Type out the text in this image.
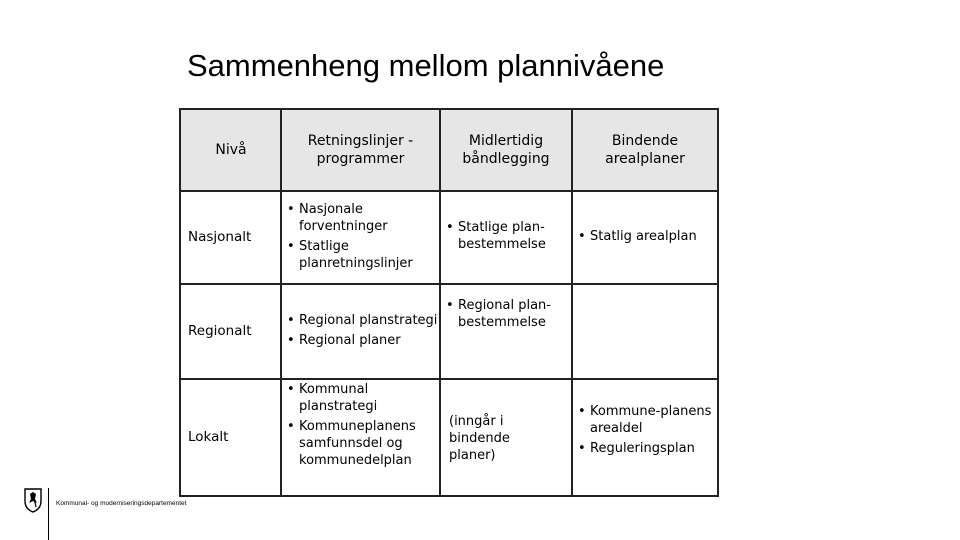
Sammenheng mellom plannivåene
Nivå
Retningslinjer - programmer
Midlertidig båndlegging
Bindende arealplaner
Nasjonalt
• Nasjonale forventninger
• Statlige planretningslinjer
• Statlige plan-bestemmelse
• Statlig arealplan
Regionalt
• Regional planstrategi
• Regional planer
• Regional plan-bestemmelse
Lokalt
• Kommunal planstrategi
• Kommuneplanens samfunnsdel og kommunedelplan
(inngår i bindende planer)
• Kommune-planens arealdel
• Reguleringsplan
Kommunal- og moderniseringsdepartementet
